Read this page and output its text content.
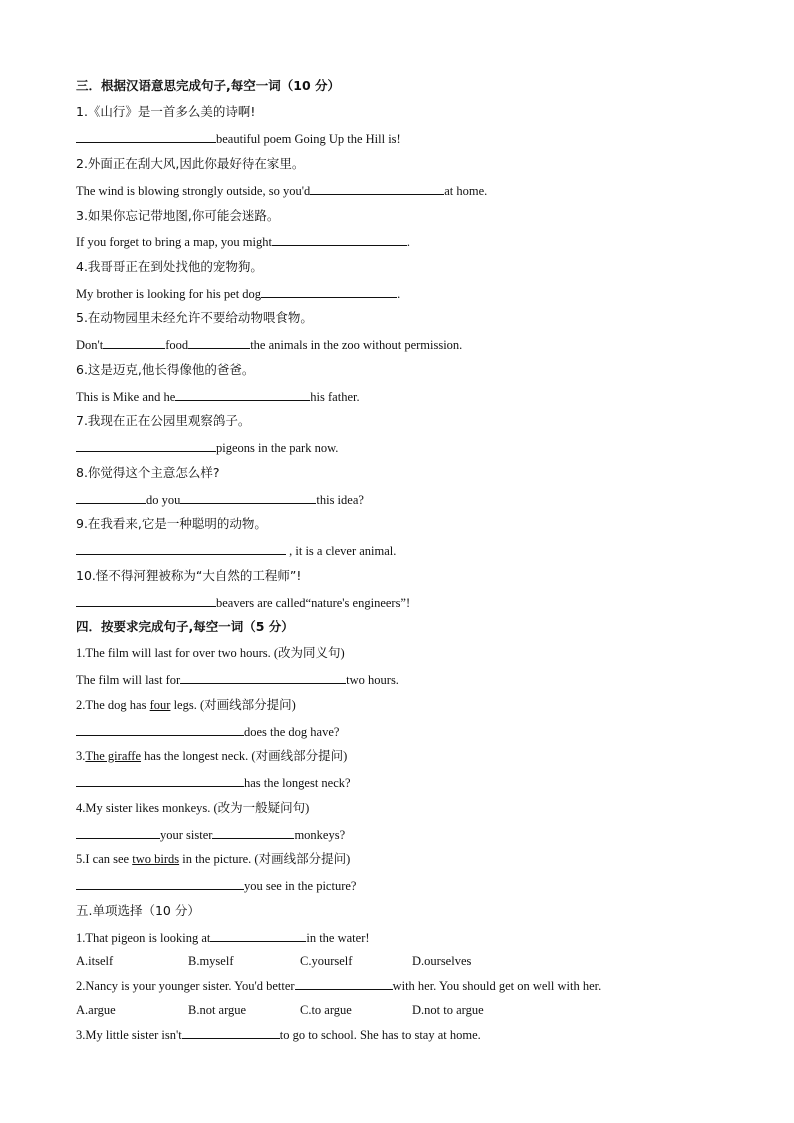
三．根据汉语意思完成句子,每空一词（10 分）
1.《山行》是一首多么美的诗啊!
beautiful poem Going Up the Hill is!
2.外面正在刮大风,因此你最好待在家里。
The wind is blowing strongly outside, so you'd	at home.
3.如果你忘记带地图,你可能会迷路。
If you forget to bring a map, you might	.
4.我哥哥正在到处找他的宠物狗。
My brother is looking for his pet dog	.
5.在动物园里未经允许不要给动物喂食物。
Don't	food	the animals in the zoo without permission.
6.这是迈克,他长得像他的爸爸。
This is Mike and he	his father.
7.我现在正在公园里观察鸽子。
pigeons in the park now.
8.你觉得这个主意怎么样?
do you	this idea?
9.在我看来,它是一种聪明的动物。
, it is a clever animal.
10.怪不得河狸被称为“大自然的工程师”!
beavers are called“nature's engineers”!
四．按要求完成句子,每空一词（5 分）
1.The film will last for over two hours. (改为同义句)
The film will last for	two hours.
2.The dog has four legs. (对画线部分提问)
does the dog have?
3.The giraffe has the longest neck. (对画线部分提问)
has the longest neck?
4.My sister likes monkeys. (改为一般疑问句)
your sister	monkeys?
5.I can see two birds in the picture. (对画线部分提问)
you see in the picture?
五.单项选择（10 分）
1.That pigeon is looking at	in the water!
A.itself	B.myself	C.yourself	D.ourselves
2.Nancy is your younger sister. You'd better	with her. You should get on well with her.
A.argue	B.not argue	C.to argue	D.not to argue
3.My little sister isn't	to go to school. She has to stay at home.
